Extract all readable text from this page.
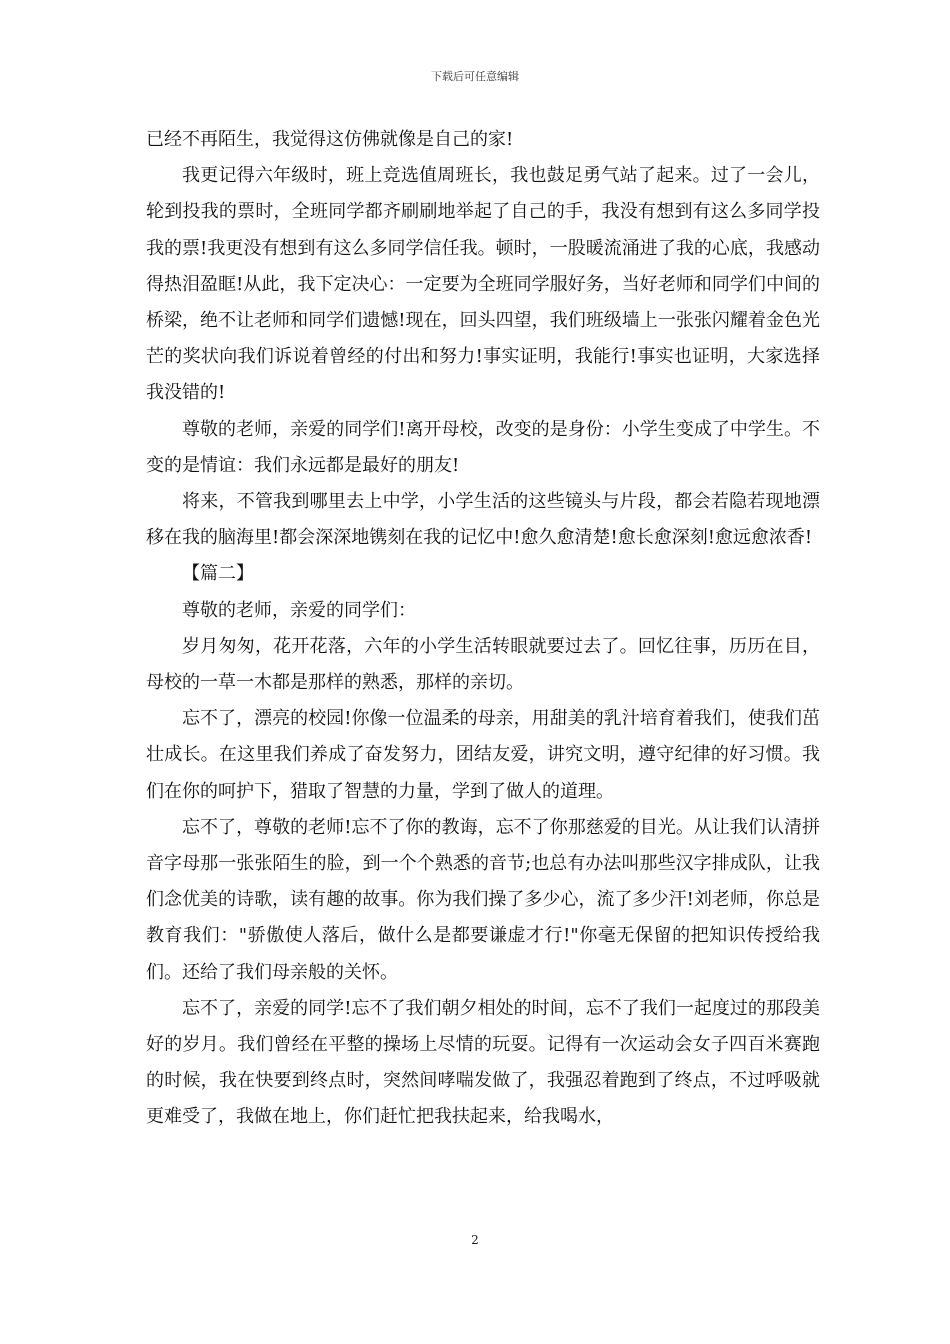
下载后可任意编辑

已经不再陌生，我觉得这仿佛就像是自己的家!

我更记得六年级时，班上竞选值周班长，我也鼓足勇气站了起来。过了一会儿，轮到投我的票时，全班同学都齐刷刷地举起了自己的手，我没有想到有这么多同学投我的票!我更没有想到有这么多同学信任我。顿时，一股暖流涌进了我的心底，我感动得热泪盈眶!从此，我下定决心：一定要为全班同学服好务，当好老师和同学们中间的桥梁，绝不让老师和同学们遗憾!现在，回头四望，我们班级墙上一张张闪耀着金色光芒的奖状向我们诉说着曾经的付出和努力!事实证明，我能行!事实也证明，大家选择我没错的!

尊敬的老师，亲爱的同学们!离开母校，改变的是身份：小学生变成了中学生。不变的是情谊：我们永远都是最好的朋友!

将来，不管我到哪里去上中学，小学生活的这些镜头与片段，都会若隐若现地漂移在我的脑海里!都会深深地镌刻在我的记忆中!愈久愈清楚!愈长愈深刻!愈远愈浓香!

【篇二】

尊敬的老师，亲爱的同学们：

岁月匆匆，花开花落，六年的小学生活转眼就要过去了。回忆往事，历历在目，母校的一草一木都是那样的熟悉，那样的亲切。

忘不了，漂亮的校园!你像一位温柔的母亲，用甜美的乳汁培育着我们，使我们茁壮成长。在这里我们养成了奋发努力，团结友爱，讲究文明，遵守纪律的好习惯。我们在你的呵护下，猎取了智慧的力量，学到了做人的道理。

忘不了，尊敬的老师!忘不了你的教诲，忘不了你那慈爱的目光。从让我们认清拼音字母那一张张陌生的脸，到一个个熟悉的音节;也总有办法叫那些汉字排成队，让我们念优美的诗歌，读有趣的故事。你为我们操了多少心，流了多少汗!刘老师，你总是教育我们："骄傲使人落后，做什么是都要谦虚才行!"你毫无保留的把知识传授给我们。还给了我们母亲般的关怀。

忘不了，亲爱的同学!忘不了我们朝夕相处的时间，忘不了我们一起度过的那段美好的岁月。我们曾经在平整的操场上尽情的玩耍。记得有一次运动会女子四百米赛跑的时候，我在快要到终点时，突然间哮喘发做了，我强忍着跑到了终点，不过呼吸就更难受了，我做在地上，你们赶忙把我扶起来，给我喝水，

2
